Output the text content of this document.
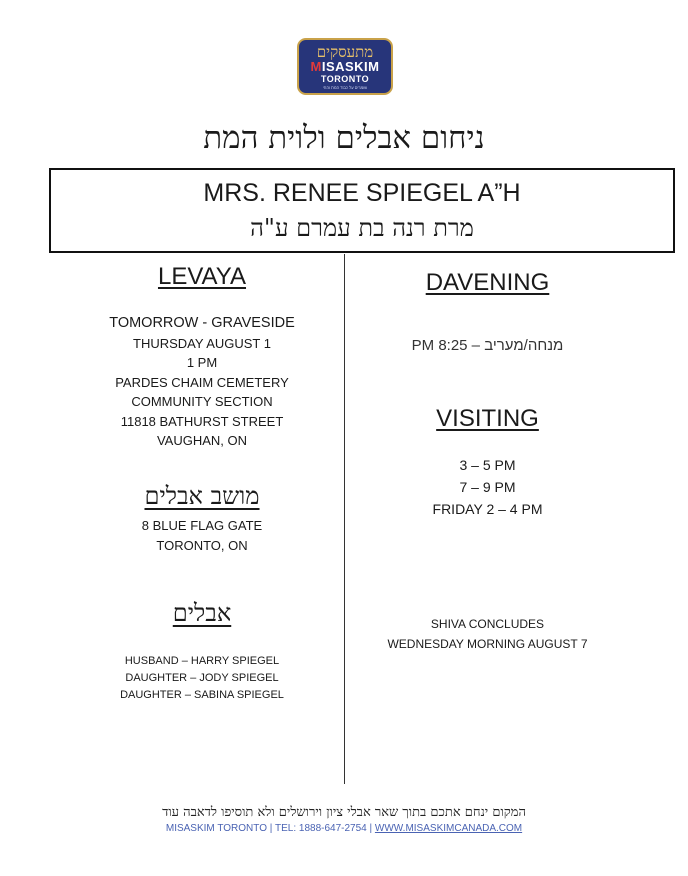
מתעסקים
MISASKIM
TORONTO
שומרים על כבוד המת והחי
ניחום אבלים ולוית המת
MRS. RENEE SPIEGEL A”H
מרת רנה בת עמרם ע"ה
LEVAYA
TOMORROW - GRAVESIDE
THURSDAY AUGUST 1
1 PM
PARDES CHAIM CEMETERY
COMMUNITY SECTION
11818 BATHURST STREET
VAUGHAN, ON
מושב אבלים
8 BLUE FLAG GATE
TORONTO, ON
אבלים
HUSBAND – HARRY SPIEGEL
DAUGHTER – JODY SPIEGEL
DAUGHTER – SABINA SPIEGEL
DAVENING
מנחה/מעריב – 8:25 PM
VISITING
3 – 5 PM
7 – 9 PM
FRIDAY 2 – 4 PM
SHIVA CONCLUDES
WEDNESDAY MORNING AUGUST 7
המקום ינחם אתכם בתוך שאר אבלי ציון וירושלים ולא תוסיפו לדאבה עוד
MISASKIM TORONTO | TEL: 1888-647-2754 | WWW.MISASKIMCANADA.COM
